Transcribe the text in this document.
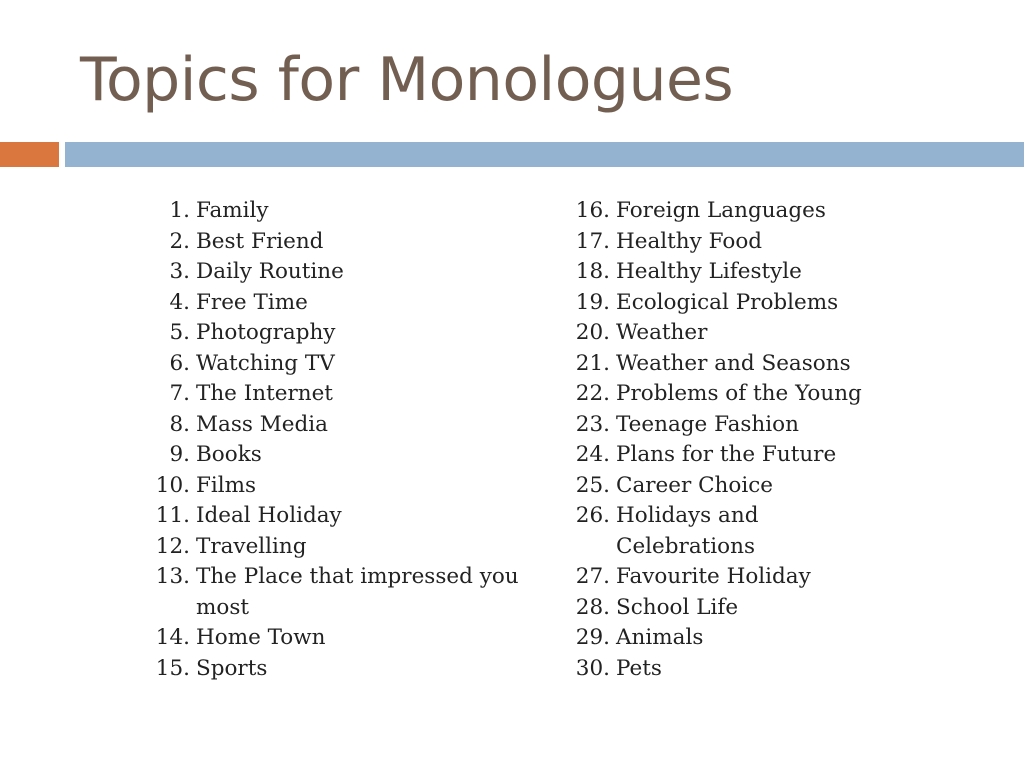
Topics for Monologues
1. Family
2. Best Friend
3. Daily Routine
4. Free Time
5. Photography
6. Watching TV
7. The Internet
8. Mass Media
9. Books
10. Films
11. Ideal Holiday
12. Travelling
13. The Place that impressed you most
14. Home Town
15. Sports
16. Foreign Languages
17. Healthy Food
18. Healthy Lifestyle
19. Ecological Problems
20. Weather
21. Weather and Seasons
22. Problems of the Young
23. Teenage Fashion
24. Plans for the Future
25. Career Choice
26. Holidays and Celebrations
27. Favourite Holiday
28. School Life
29. Animals
30. Pets
